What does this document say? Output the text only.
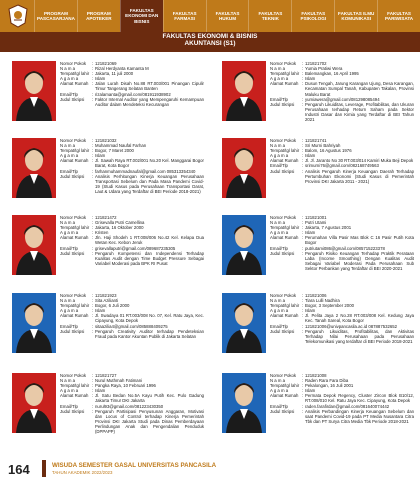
PROGRAM PASCASARJANA
PROGRAM APOTEKER
FAKULTAS EKONOMI DAN BISNIS
FAKULTAS FARMASI
FAKULTAS HUKUM
FAKULTAS TEKNIK
FAKULTAS PSIKOLOGI
FAKULTAS ILMU KOMUNIKASI
FAKULTAS PARIWISATA
FAKULTAS EKONOMI & BISNIS
AKUNTANSI (S1)
Nomor Pokok	: 121821069
N a m a	: Rizal Herdyanta Kamanta M
Tempat/tgl lahir : Jakarta, 11 juli 2000
A g a m a	: Islam
Alamat Rumah : Jalan Lurah Disah No.88 RT.003/001 Pinangan Cipulir Timur Tangerang Selatan Banten
Email/Tlp	: rizalamanta@gmail.com/081911938902
Judul Skripsi	: Faktor Internal Auditor yang Mempengaruhi Kemampuan Auditor dalam Mendeteksi Kecurangan
Nomor Pokok	: 121821702
N a m a	: Yumia Pratiwi Wera
Tempat/tgl lahir : Balemangkan, 16 April 1995
A g a m a	: Islam
Alamat Rumah : Dusun Tengah, Jarung Karangan Ujung, Desa Karangan, Kecamatan Sumpal Tanah, Kabupaten Takalan, Provinsi Maluku Barat
Email/Tlp	: yumiawera@gmail.com/081298085494
Judul Skripsi	: Pengaruh Likuiditas, Leverage, Profitabilitas, dan Ukuran Perusahaan terhadap Return Saham pada Sektor Industri Dasar dan Kimia yang Terdaftar di BEI Tahun 2021
Nomor Pokok	: 121821032
N a m a	: Muhammad Naufal Farhan
Tempat/tgl lahir : Bogor, 7 Maret 2000
A g a m a	: Islam
Alamat Rumah : Jl. Sawah Raya RT.002/001 No.20 Kel. Manggarai Bogor Barat, Kota Bogor
Email/Tlp	: farhanmuhammadnaufal@gmail.com 085313354340
Judul Skripsi	: Analisis Perhitungan Kinerja Keuangan Perusahaan Transportasi Sebelum dan Pada Masa Pandemi Covid-19 (Studi Kasus pada Perusahaan Transportasi Darat, Laut & Udara yang Terdaftar di BEI Periode 2018-2021)
Nomor Pokok	: 121821741
N a m a	: Sri Murni Bahriyah
Tempat/tgl lahir : Balom, 16 Agustus 1976
A g a m a	: Islam
Alamat Rumah : Jl. Jl. Jaranto No 30 RT.003/014 Kamiri Muka Beji Depok
Email/Tlp	: srimurni76@gmail.com/082168749563
Judul Skripsi	: Analisis Pengaruh Kinerja Keuangan Daerah Terhadap Pertumbuhan Ekonomi (Studi Kasus di Pemerintah Provinsi DKI Jakarta 2011 - 2021)
Nomor Pokok	: 121821472
N a m a	: Grisevalla Putri Camellina
Tempat/tgl lahir : Jakarta, 16 Oktober 2000
A g a m a	: Kristen
Alamat Rumah : Jln. Haji Shodeh 1 RT.008/006 No.42 Kel. Kelapa Dua Wetan Kec. Kebon Jeruk
Email/Tlp	: grisevallaputri@gmail.com/089687235305
Judul Skripsi	: Pengaruh Kompetensi dan Independensi Terhadap Kualitas Audit dengan Time Budget Pressure Sebagai Variabel Moderasi pada BPK RI Pusat
Nomor Pokok	: 121821001
N a m a	: Putri Utami
Tempat/tgl lahir : Jakarta, 7 Agustus 2001
A g a m a	: Islam
Alamat Rumah : Perumahan Villa Pasir Mas Blok C 16 Pasir Putih Kota Bogor
Email/Tlp	: putriutami086@gmail.com/085715223378
Judul Skripsi	: Pengaruh Risiko Keuangan Terhadap Praktik Perataan Laba (Income Smoothing) Dengan Kualitas Audit Sebagai Variabel Moderasi Pada Perusahaan Sub Sektor Perbankan yang Terdaftar di BEI 2020-2021
Nomor Pokok	: 121821923
N a m a	: Sita Azilianti
Tempat/tgl lahir : Bogor, 6 Juli 2000
A g a m a	: Islam
Alamat Rumah : Jl. Swadaya 01 RT.003/008 No. 07, Kel. Ratu Jaya, Kec. Cipayung, Kota Depok
Email/Tlp	: sitaazilia4@gmail.com/085888409275
Judul Skripsi	: Pengaruh Creativity Auditor terhadap Pendeteksian Fraud pada Kantor Akuntan Publik di Jakarta Selatan
Nomor Pokok	: 121821006
N a m a	: Tiara Lulli Nadhira
Tempat/tgl lahir : Bogor, 3 September 2000
A g a m a	: Islam
Alamat Rumah : Jl. Pelita Jaya 2 No.28 RT.003/008 Kel. Kedung Jaya Kec. Tanah Sareal, Kota Bogor
Email/Tlp	: 121821006@univpancasila.ac.id 087887532652
Judul Skripsi	: Pengaruh Likuiditas, Profitabilitas, dan Aktivitas Terhadap Nilai Perusahaan pada Perusahaan Telekomunikasi yang terdaftar di BEI Periode 2018-2021
Nomor Pokok	: 121821727
N a m a	: Nurul Muthmah Fatimani
Tempat/tgl lahir : Pangka Raya, 10 Februari 1996
A g a m a	: Islam
Alamat Rumah : Jl. Satu Bedan No.5A Kayu Putih Kec. Pulo Gadung Jakarta Timur DKI Jakarta
Email/Tlp	: nurul93@gmail.com/081223430350
Judul Skripsi	: Pengaruh Partisipasi Penyusunan Anggaran, Motivasi dan Locus of Control terhadap Kinerja Pemerintah Provinsi DKI Jakarta Studi pada Dinas Pemberdayaan Perlindungan Anak dan Pengendalian Penduduk (DPPAPP)
Nomor Pokok	: 121821008
N a m a	: Raden Rara Fara Diba
Tempat/tgl lahir : Pekalongan, 16 Juli 2001
A g a m a	: Islam
Alamat Rumah : Permata Depok Regency, Cluster Zircon Blok B10/12, RT.008/010 Kel. Ratu Jaya Kec. Cipayung, Kota Depok
Email/Tlp	: raden.farafirdan@gmail.com/081640074442
Judul Skripsi	: Analisis Perbandingan Kinerja Keuangan Sebelum dan saat Pandemi Covid-19 pada PT Media Nusantara Citra Tbk dan PT Surya Citra Media Tbk Periode 2018-2021
164	WISUDA SEMESTER GASAL UNIVERSITAS PANCASILA
TAHUN AKADEMIK 2022/2023
